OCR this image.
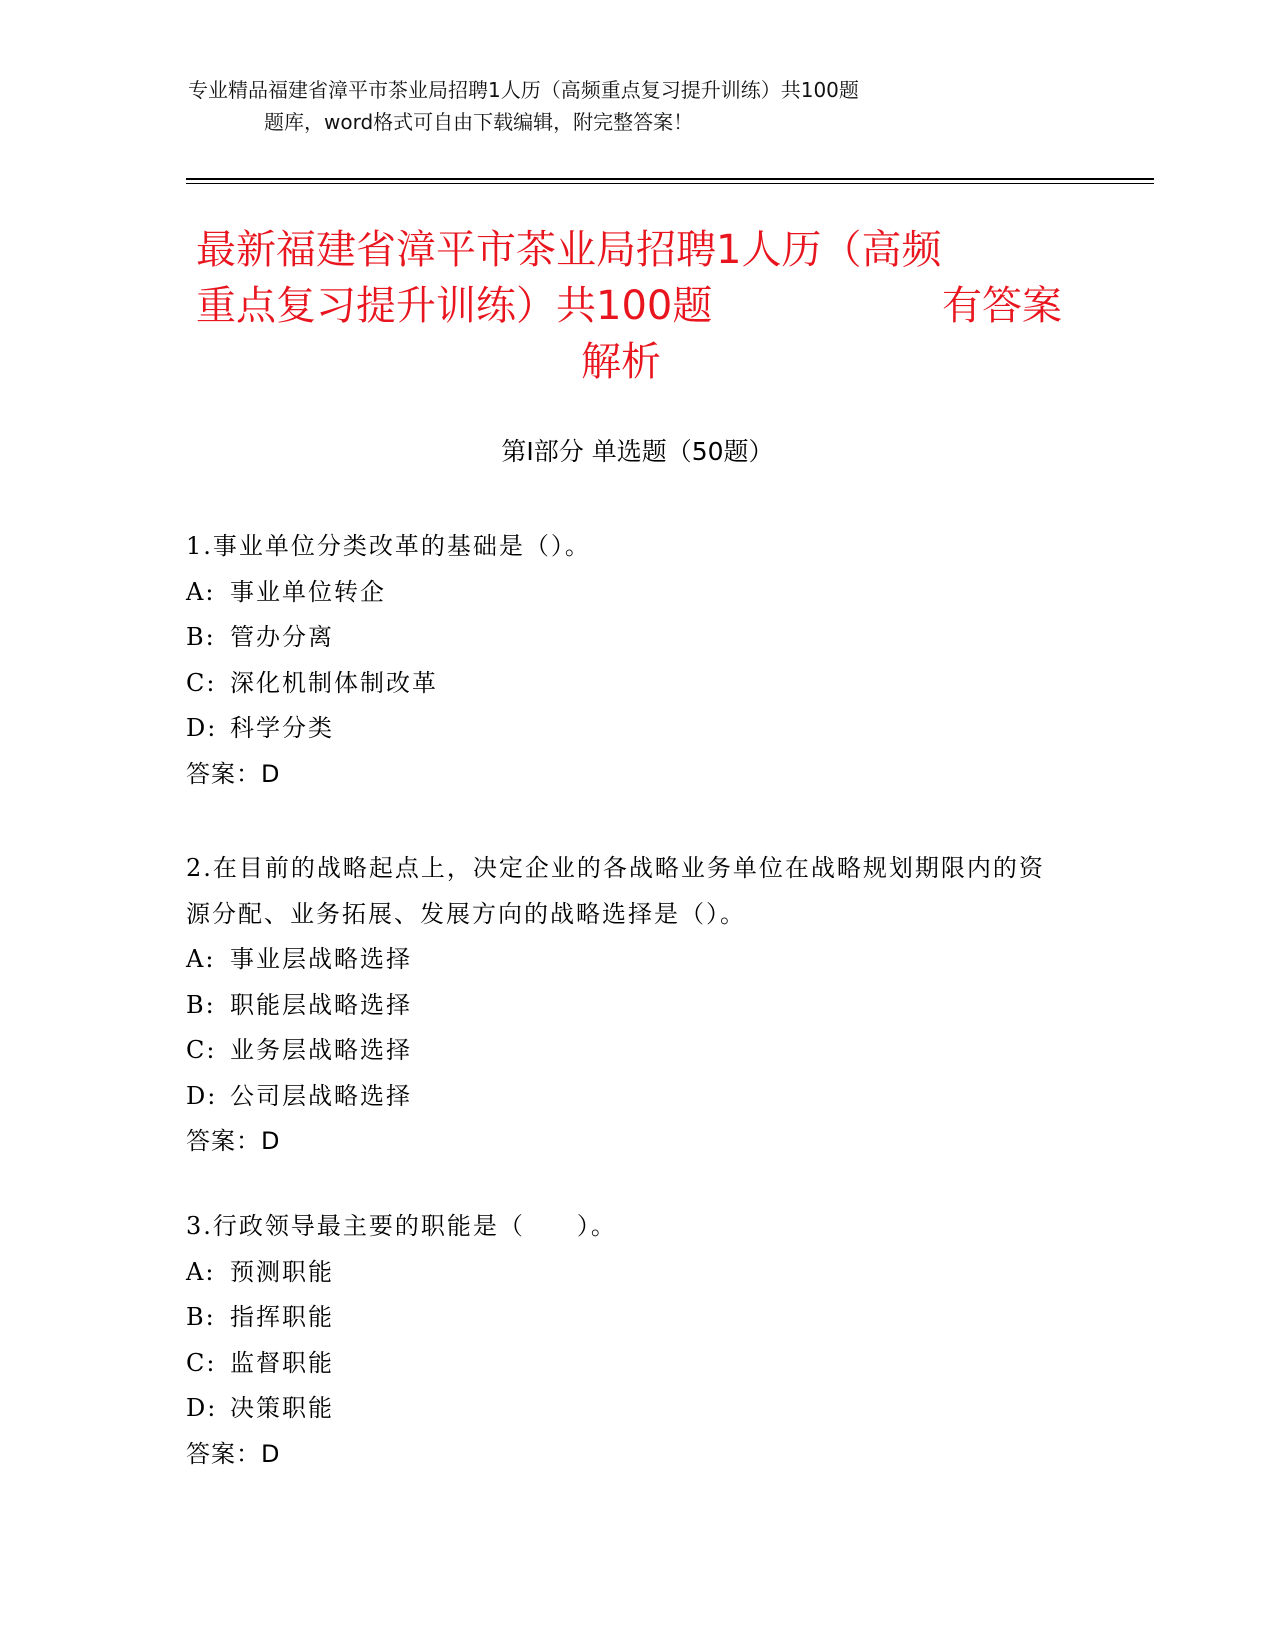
专业精品福建省漳平市茶业局招聘1人历（高频重点复习提升训练）共100题
题库，word格式可自由下载编辑，附完整答案！
最新福建省漳平市茶业局招聘1人历（高频
重点复习提升训练）共100题	有答案
解析
第Ⅰ部分 单选题（50题）
1.事业单位分类改革的基础是（）。
A: 事业单位转企
B: 管办分离
C: 深化机制体制改革
D: 科学分类
答案：D
2.在目前的战略起点上，决定企业的各战略业务单位在战略规划期限内的资源分配、业务拓展、发展方向的战略选择是（）。
A: 事业层战略选择
B: 职能层战略选择
C: 业务层战略选择
D: 公司层战略选择
答案：D
3.行政领导最主要的职能是（　　）。
A: 预测职能
B: 指挥职能
C: 监督职能
D: 决策职能
答案：D
